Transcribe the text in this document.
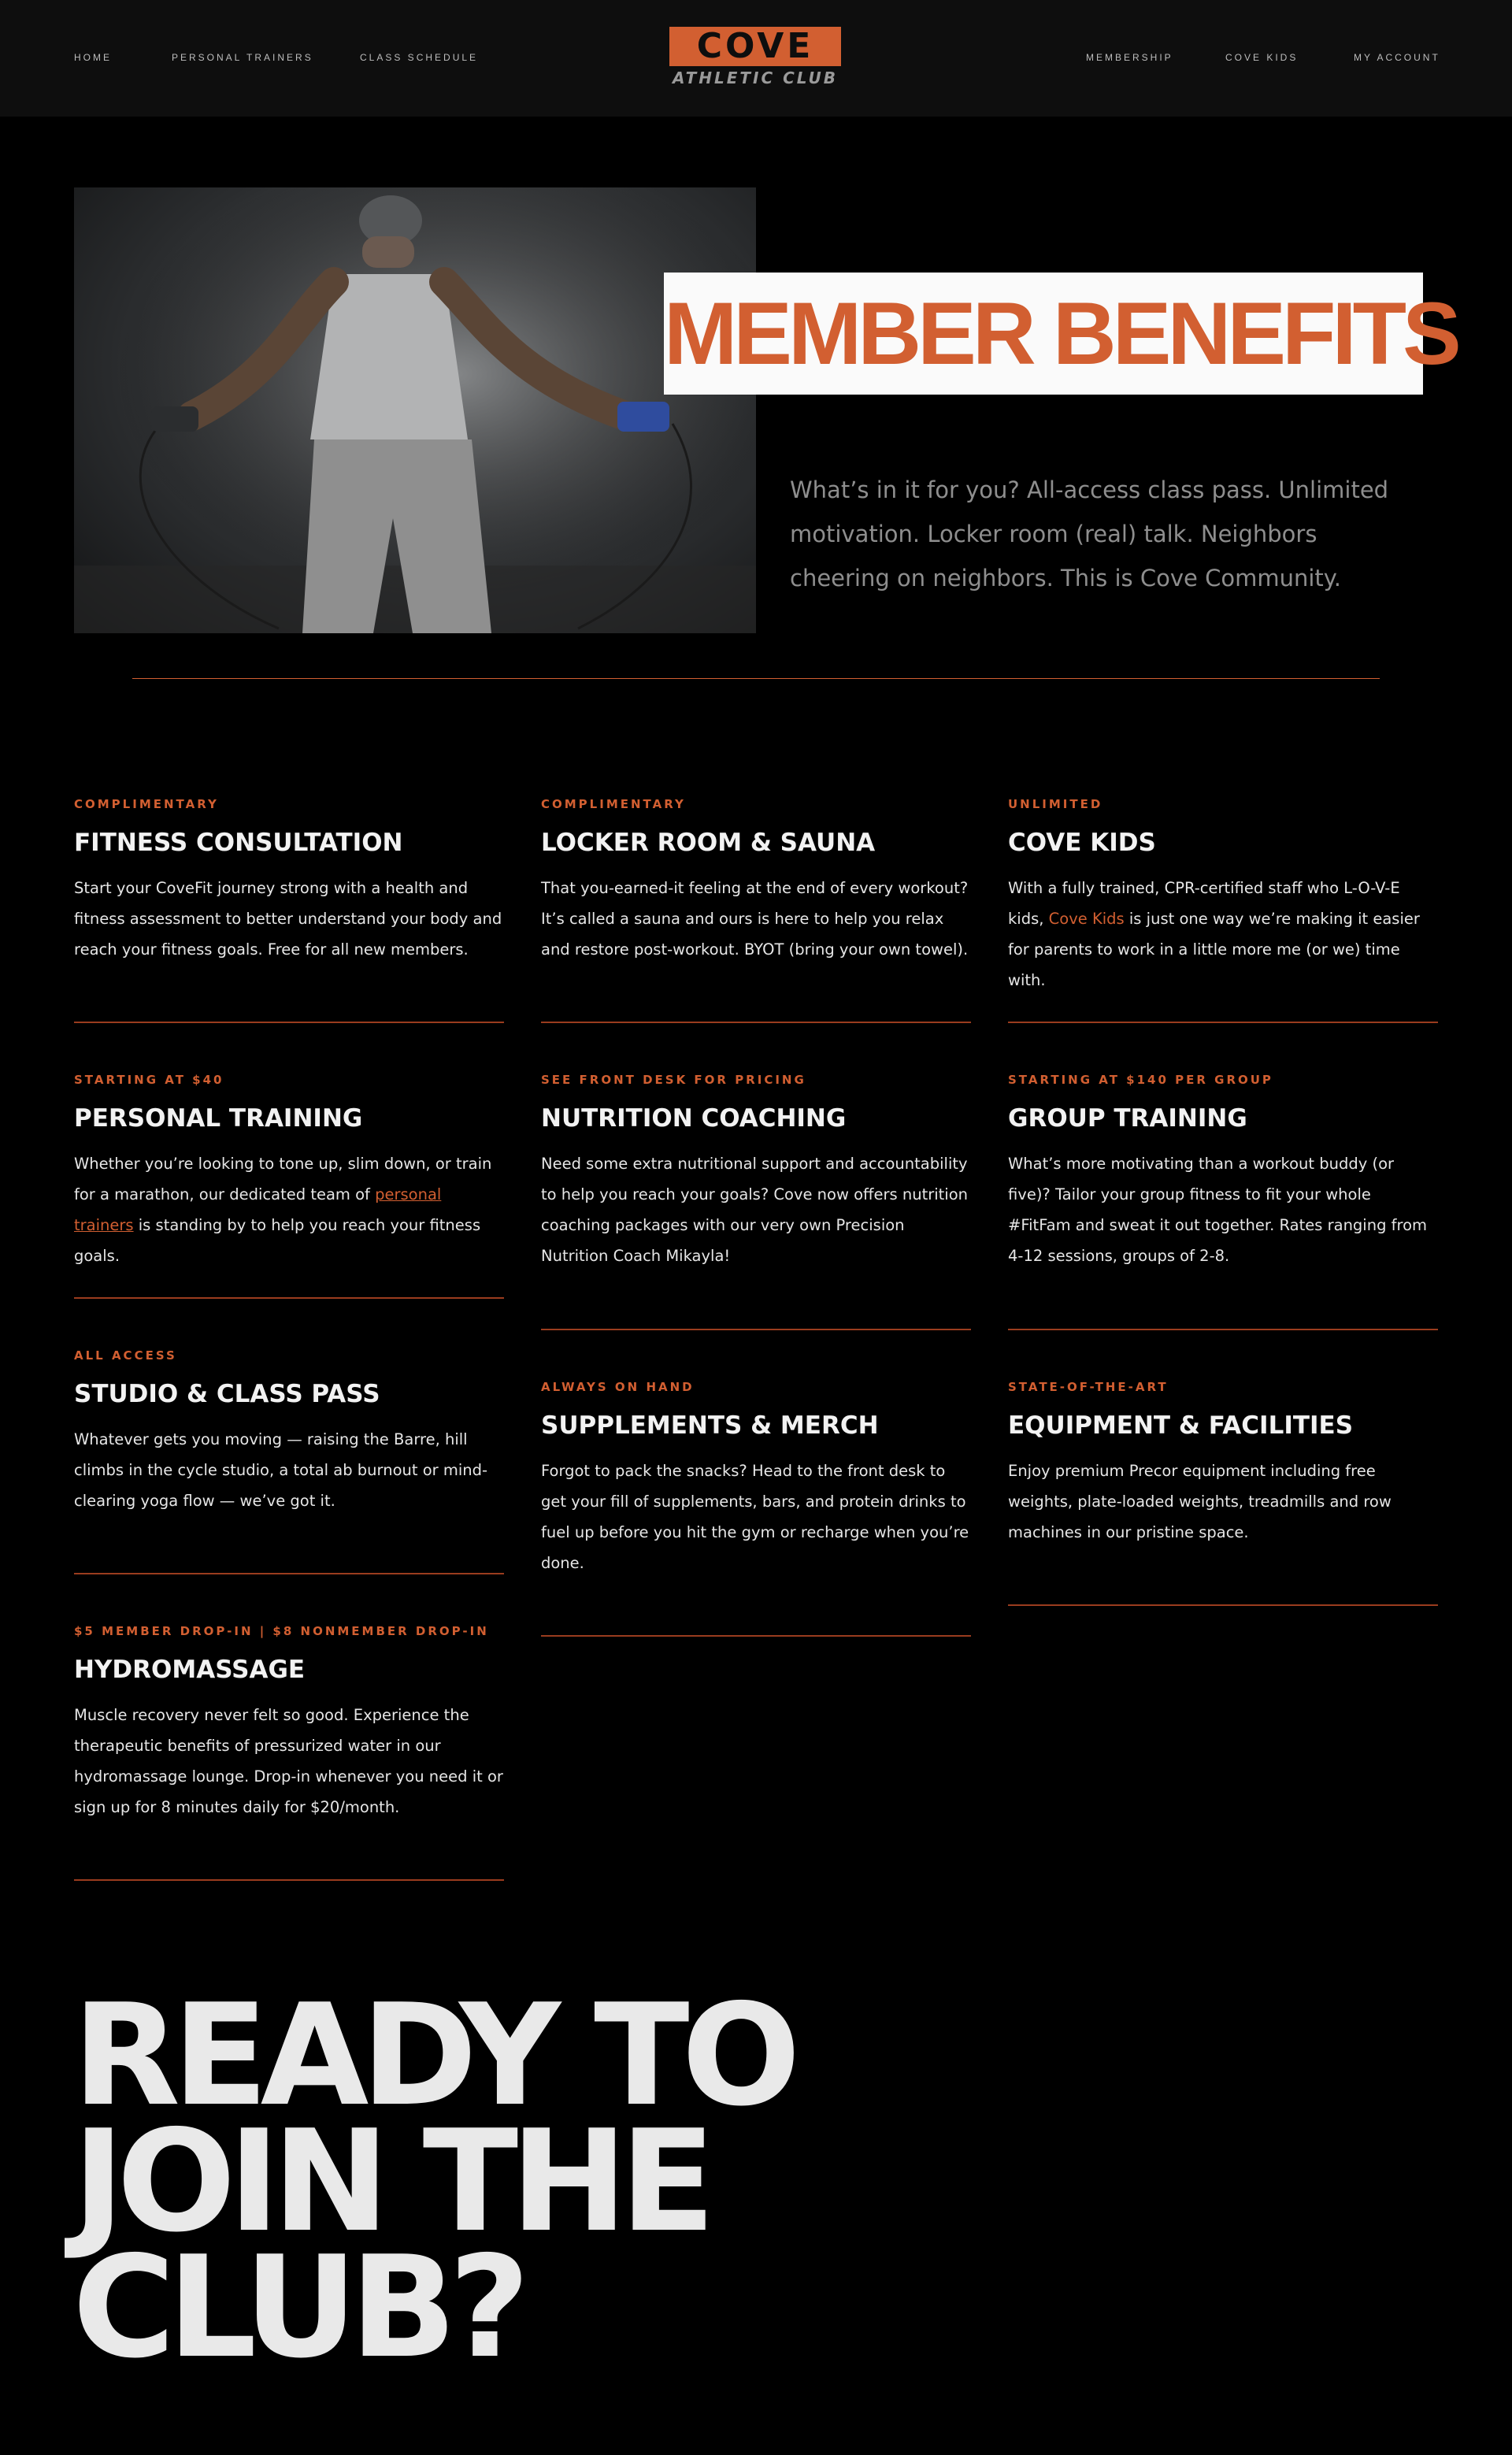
HOME	PERSONAL TRAINERS	CLASS SCHEDULE	COVE
ATHLETIC CLUB
MEMBERSHIP	COVE KIDS	MY ACCOUNT
MEMBER BENEFITS
What’s in it for you? All-access class pass. Unlimited motivation. Locker room (real) talk. Neighbors cheering on neighbors. This is Cove Community.
COMPLIMENTARY
FITNESS CONSULTATION
Start your CoveFit journey strong with a health and fitness assessment to better understand your body and reach your fitness goals. Free for all new members.
STARTING AT $40
PERSONAL TRAINING
Whether you’re looking to tone up, slim down, or train for a marathon, our dedicated team of personal trainers is standing by to help you reach your fitness goals.
ALL ACCESS
STUDIO & CLASS PASS
Whatever gets you moving — raising the Barre, hill climbs in the cycle studio, a total ab burnout or mind-clearing yoga flow — we’ve got it.
$5 MEMBER DROP-IN | $8 NONMEMBER DROP-IN
HYDROMASSAGE
Muscle recovery never felt so good. Experience the therapeutic benefits of pressurized water in our hydromassage lounge. Drop-in whenever you need it or sign up for 8 minutes daily for $20/month.
COMPLIMENTARY
LOCKER ROOM & SAUNA
That you-earned-it feeling at the end of every workout? It’s called a sauna and ours is here to help you relax and restore post-workout. BYOT (bring your own towel).
SEE FRONT DESK FOR PRICING
NUTRITION COACHING
Need some extra nutritional support and accountability to help you reach your goals? Cove now offers nutrition coaching packages with our very own Precision Nutrition Coach Mikayla!
ALWAYS ON HAND
SUPPLEMENTS & MERCH
Forgot to pack the snacks? Head to the front desk to get your fill of supplements, bars, and protein drinks to fuel up before you hit the gym or recharge when you’re done.
UNLIMITED
COVE KIDS
With a fully trained, CPR-certified staff who L-O-V-E kids, Cove Kids is just one way we’re making it easier for parents to work in a little more me (or we) time with.
STARTING AT $140 PER GROUP
GROUP TRAINING
What’s more motivating than a workout buddy (or five)? Tailor your group fitness to fit your whole #FitFam and sweat it out together. Rates ranging from 4-12 sessions, groups of 2-8.
STATE-OF-THE-ART
EQUIPMENT & FACILITIES
Enjoy premium Precor equipment including free weights, plate-loaded weights, treadmills and row machines in our pristine space.
READY TO
JOIN THE
CLUB?
